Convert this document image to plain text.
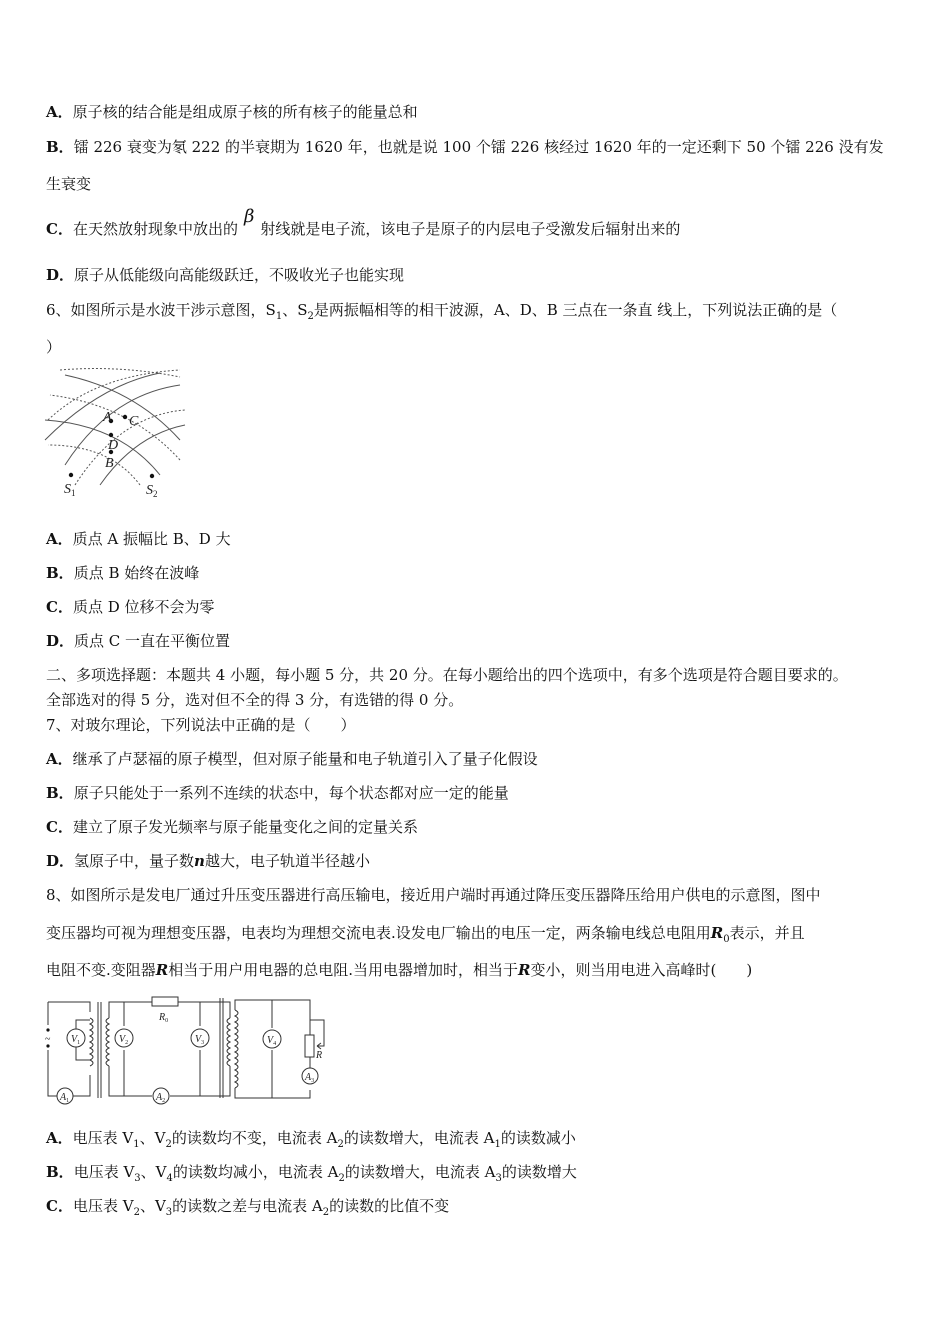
A．原子核的结合能是组成原子核的所有核子的能量总和
B．镭 226 衰变为氡 222 的半衰期为 1620 年，也就是说 100 个镭 226 核经过 1620 年的一定还剩下 50 个镭 226 没有发
生衰变
C．在天然放射现象中放出的β射线就是电子流，该电子是原子的内层电子受激发后辐射出来的
D．原子从低能级向高能级跃迁，不吸收光子也能实现
6、如图所示是水波干涉示意图，$S_1$、$S_2$是两振幅相等的相干波源，A、D、B 三点在一条直 线上，下列说法正确的是（
）
A C
D
B
$S_1$	$S_2$
A．质点 A 振幅比 B、D 大
B．质点 B 始终在波峰
C．质点 D 位移不会为零
D．质点 C 一直在平衡位置
二、多项选择题：本题共 4 小题，每小题 5 分，共 20 分。在每小题给出的四个选项中，有多个选项是符合题目要求的。
全部选对的得 5 分，选对但不全的得 3 分，有选错的得 0 分。
7、对玻尔理论，下列说法中正确的是（　　）
A．继承了卢瑟福的原子模型，但对原子能量和电子轨道引入了量子化假设
B．原子只能处于一系列不连续的状态中，每个状态都对应一定的能量
C．建立了原子发光频率与原子能量变化之间的定量关系
D．氢原子中，量子数n越大，电子轨道半径越小
8、如图所示是发电厂通过升压变压器进行高压输电，接近用户端时再通过降压变压器降压给用户供电的示意图，图中
变压器均可视为理想变压器，电表均为理想交流电表.设发电厂输出的电压一定，两条输电线总电阻用$R_0$表示，并且
电阻不变.变阻器R相当于用户用电器的总电阻.当用电器增加时，相当于R变小，则当用电进入高峰时(　　)
~ $V_1$	$V_2$	$V_3$	$V_4$
$A_1$	$A_2$
$A_3$
$R_0$
R
A．电压表 $V_1$、$V_2$的读数均不变，电流表 $A_2$的读数增大，电流表 $A_1$的读数减小
B．电压表 $V_3$、$V_4$的读数均减小，电流表 $A_2$的读数增大，电流表 $A_3$的读数增大
C．电压表 $V_2$、$V_3$的读数之差与电流表 $A_2$的读数的比值不变
